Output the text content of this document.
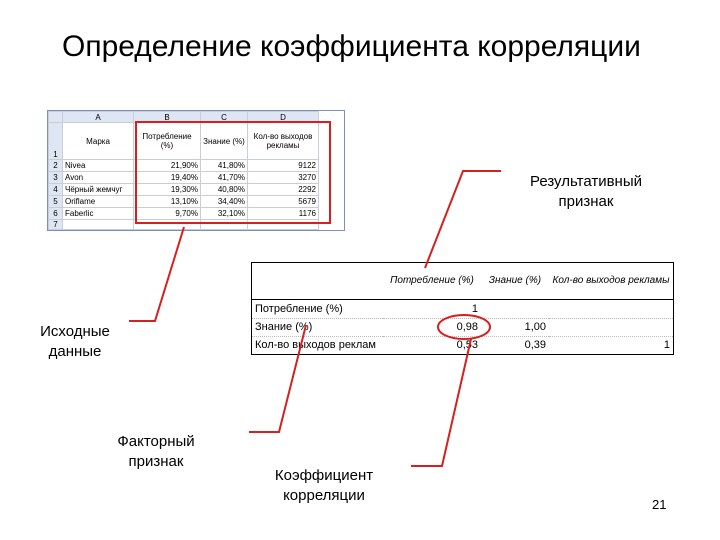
Определение коэффициента корреляции
	A	B	C	D
1	Марка	Потребление (%)	Знание (%)	Кол-во выходов рекламы
2	Nivea	21,90%	41,80%	9122
3	Avon	19,40%	41,70%	3270
4	Чёрный жемчуг	19,30%	40,80%	2292
5	Oriflame	13,10%	34,40%	5679
6	Faberlic	9,70%	32,10%	1176
7				
	Потребление (%)	Знание (%)	Кол-во выходов рекламы
Потребление (%)	1		
Знание (%)	0,98	1,00	
Кол-во выходов реклам	0,53	0,39	1
Результативный признак
Исходные данные
Факторный признак
Коэффициент корреляции
21
